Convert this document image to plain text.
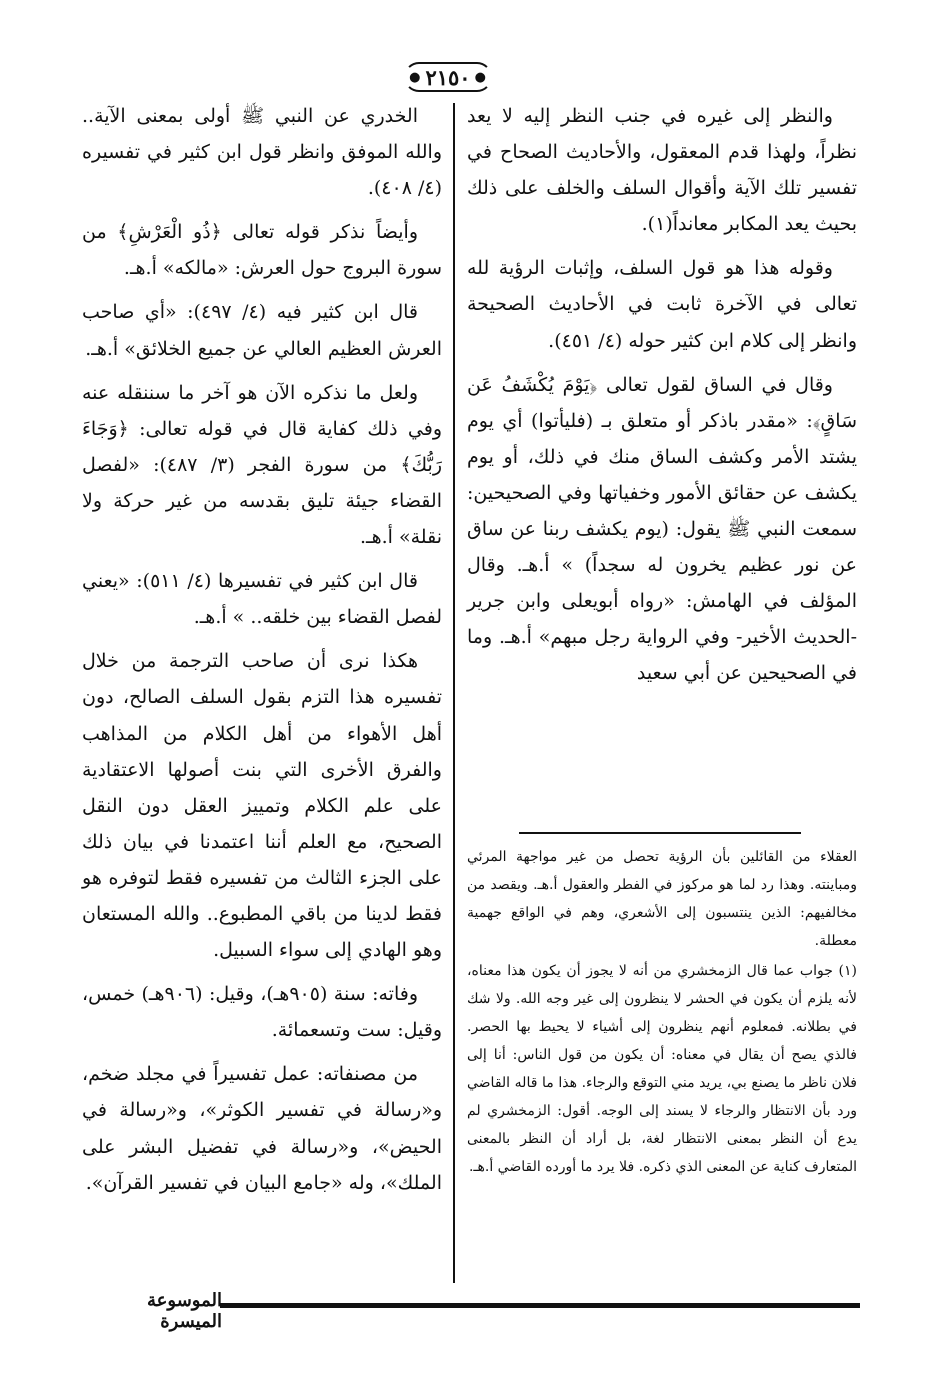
●
٢١٥٠
●

والنظر إلى غيره في جنب النظر إليه لا يعد نظراً، ولهذا قدم المعقول، والأحاديث الصحاح في تفسير تلك الآية وأقوال السلف والخلف على ذلك بحيث يعد المكابر معانداً(١).

وقوله هذا هو قول السلف، وإثبات الرؤية لله تعالى في الآخرة ثابت في الأحاديث الصحيحة وانظر إلى كلام ابن كثير حوله (٤/ ٤٥١).

وقال في الساق لقول تعالى ﴿يَوْمَ يُكْشَفُ عَن سَاقٍ﴾: «مقدر باذكر أو متعلق بـ (فليأتوا) أي يوم يشتد الأمر وكشف الساق منك في ذلك، أو يوم يكشف عن حقائق الأمور وخفياتها وفي الصحيحين: سمعت النبي ﷺ يقول: (يوم يكشف ربنا عن ساق عن نور عظيم يخرون له سجداً) » أ.هـ. وقال المؤلف في الهامش: «رواه أبويعلى وابن جرير -الحديث الأخير- وفي الرواية رجل مبهم» أ.هـ. وما في الصحيحين عن أبي سعيد

العقلاء من القائلين بأن الرؤية تحصل من غير مواجهة المرئي ومباينته. وهذا رد لما هو مركوز في الفطر والعقول أ.هـ. ويقصد من مخالفيهم: الذين ينتسبون إلى الأشعري، وهم في الواقع جهمية معطلة.

(١) جواب عما قال الزمخشري من أنه لا يجوز أن يكون هذا معناه، لأنه يلزم أن يكون في الحشر لا ينظرون إلى غير وجه الله. ولا شك في بطلانه. فمعلوم أنهم ينظرون إلى أشياء لا يحيط بها الحصر. فالذي يصح أن يقال في معناه: أن يكون من قول الناس: أنا إلى فلان ناظر ما يصنع بي، يريد مني التوقع والرجاء. هذا ما قاله القاضي ورد بأن الانتظار والرجاء لا يسند إلى الوجه. أقول: الزمخشري لم يدع أن النظر بمعنى الانتظار لغة، بل أراد أن النظر بالمعنى المتعارف كناية عن المعنى الذي ذكره. فلا يرد ما أورده القاضي أ.هـ.

الخدري عن النبي ﷺ أولى بمعنى الآية.. والله الموفق وانظر قول ابن كثير في تفسيره (٤/ ٤٠٨).

وأيضاً نذكر قوله تعالى ﴿ذُو الْعَرْشِ﴾ من سورة البروج حول العرش: «مالكه» أ.هـ.

قال ابن كثير فيه (٤/ ٤٩٧): «أي صاحب العرش العظيم العالي عن جميع الخلائق» أ.هـ.

ولعل ما نذكره الآن هو آخر ما سننقله عنه وفي ذلك كفاية قال في قوله تعالى: ﴿وَجَاءَ رَبُّكَ﴾ من سورة الفجر (٣/ ٤٨٧): «لفصل القضاء جيئة تليق بقدسه من غير حركة ولا نقلة» أ.هـ.

قال ابن كثير في تفسيرها (٤/ ٥١١): «يعني لفصل القضاء بين خلقه.. » أ.هـ.

هكذا نرى أن صاحب الترجمة من خلال تفسيره هذا التزم بقول السلف الصالح، دون أهل الأهواء من أهل الكلام من المذاهب والفرق الأخرى التي بنت أصولها الاعتقادية على علم الكلام وتمييز العقل دون النقل الصحيح، مع العلم أننا اعتمدنا في بيان ذلك على الجزء الثالث من تفسيره فقط لتوفره هو فقط لدينا من باقي المطبوع.. والله المستعان وهو الهادي إلى سواء السبيل.

وفاته: سنة (٩٠٥هـ)، وقيل: (٩٠٦هـ) خمس، وقيل: ست وتسعمائة.

من مصنفاته: عمل تفسيراً في مجلد ضخم، و«رسالة في تفسير الكوثر»، و«رسالة في الحيض»، و«رسالة في تفضيل البشر على الملك»، وله «جامع البيان في تفسير القرآن».

الموسوعة الميسرة
